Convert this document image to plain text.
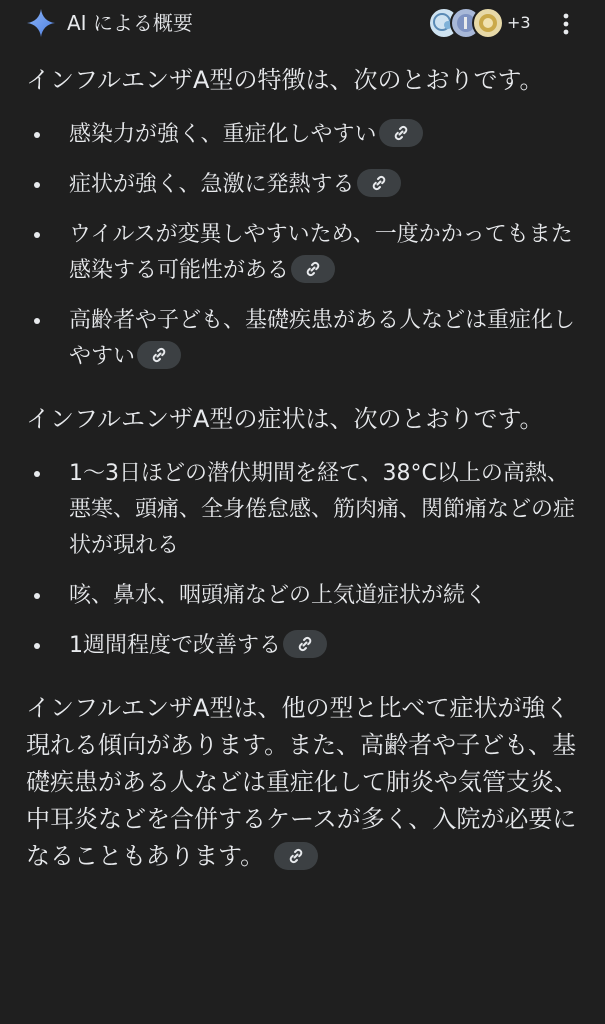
AI による概要	+3

インフルエンザA型の特徴は、次のとおりです。

感染力が強く、重症化しやすい
症状が強く、急激に発熱する
ウイルスが変異しやすいため、一度かかってもまた感染する可能性がある
高齢者や子ども、基礎疾患がある人などは重症化しやすい

インフルエンザA型の症状は、次のとおりです。

1～3日ほどの潜伏期間を経て、38°C以上の高熱、悪寒、頭痛、全身倦怠感、筋肉痛、関節痛などの症状が現れる
咳、鼻水、咽頭痛などの上気道症状が続く
1週間程度で改善する

インフルエンザA型は、他の型と比べて症状が強く現れる傾向があります。また、高齢者や子ども、基礎疾患がある人などは重症化して肺炎や気管支炎、中耳炎などを合併するケースが多く、入院が必要になることもあります。
